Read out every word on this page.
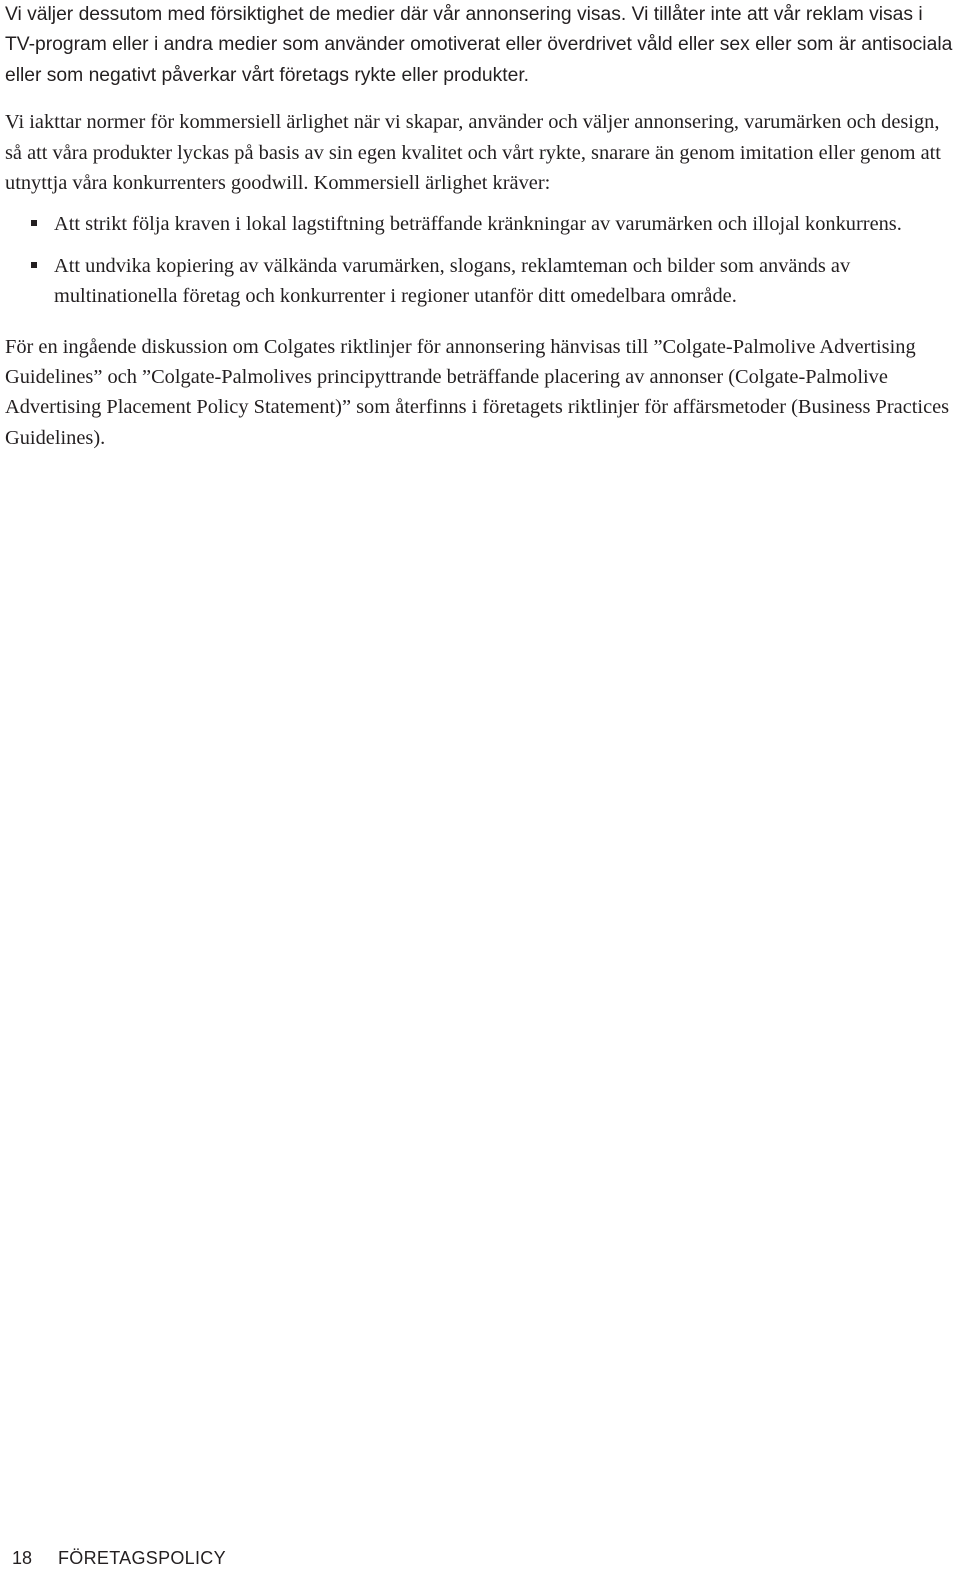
Vi väljer dessutom med försiktighet de medier där vår annonsering visas. Vi tillåter inte att vår reklam visas i TV-program eller i andra medier som använder omotiverat eller överdrivet våld eller sex eller som är antisociala eller som negativt påverkar vårt företags rykte eller produkter.

Vi iakttar normer för kommersiell ärlighet när vi skapar, använder och väljer annonsering, varumärken och design, så att våra produkter lyckas på basis av sin egen kvalitet och vårt rykte, snarare än genom imitation eller genom att utnyttja våra konkurrenters goodwill. Kommersiell ärlighet kräver:

Att strikt följa kraven i lokal lagstiftning beträffande kränkningar av varumärken och illojal konkurrens.
Att undvika kopiering av välkända varumärken, slogans, reklamteman och bilder som används av multinationella företag och konkurrenter i regioner utanför ditt omedelbara område.

För en ingående diskussion om Colgates riktlinjer för annonsering hänvisas till ”Colgate-Palmolive Advertising Guidelines” och ”Colgate-Palmolives principyttrande beträffande placering av annonser (Colgate-Palmolive Advertising Placement Policy Statement)” som återfinns i företagets riktlinjer för affärsmetoder (Business Practices Guidelines).

18 FÖRETAGSPOLICY
